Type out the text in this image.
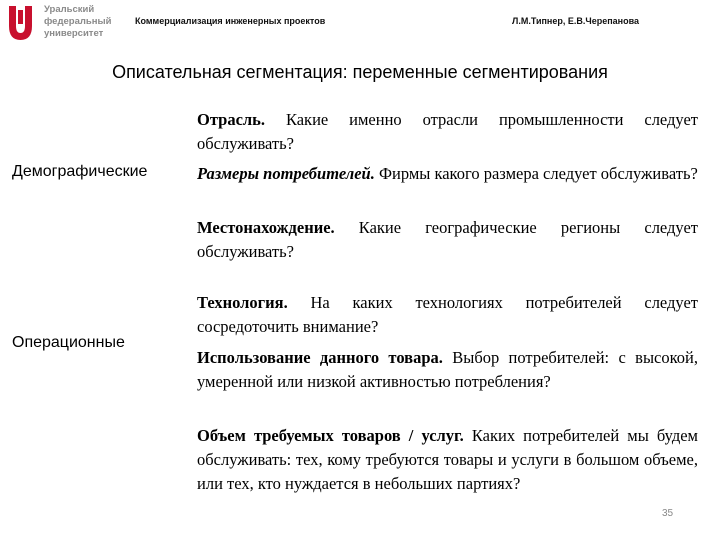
Уральский
федеральный
университет
Коммерциализация инженерных проектов	Л.М.Типнер, Е.В.Черепанова
Описательная сегментация: переменные сегментирования
Демографические
Операционные
Отрасль. Какие именно отрасли промышленности следует обслуживать?
Размеры потребителей. Фирмы какого размера следует обслуживать?
Местонахождение. Какие географические регионы следует обслуживать?
Технология. На каких технологиях потребителей следует сосредоточить внимание?
Использование данного товара. Выбор потребителей: с высокой, умеренной или низкой активностью потребления?
Объем требуемых товаров / услуг. Каких потребителей мы будем обслуживать: тех, кому требуются товары и услуги в большом объеме, или тех, кто нуждается в небольших партиях?
35
